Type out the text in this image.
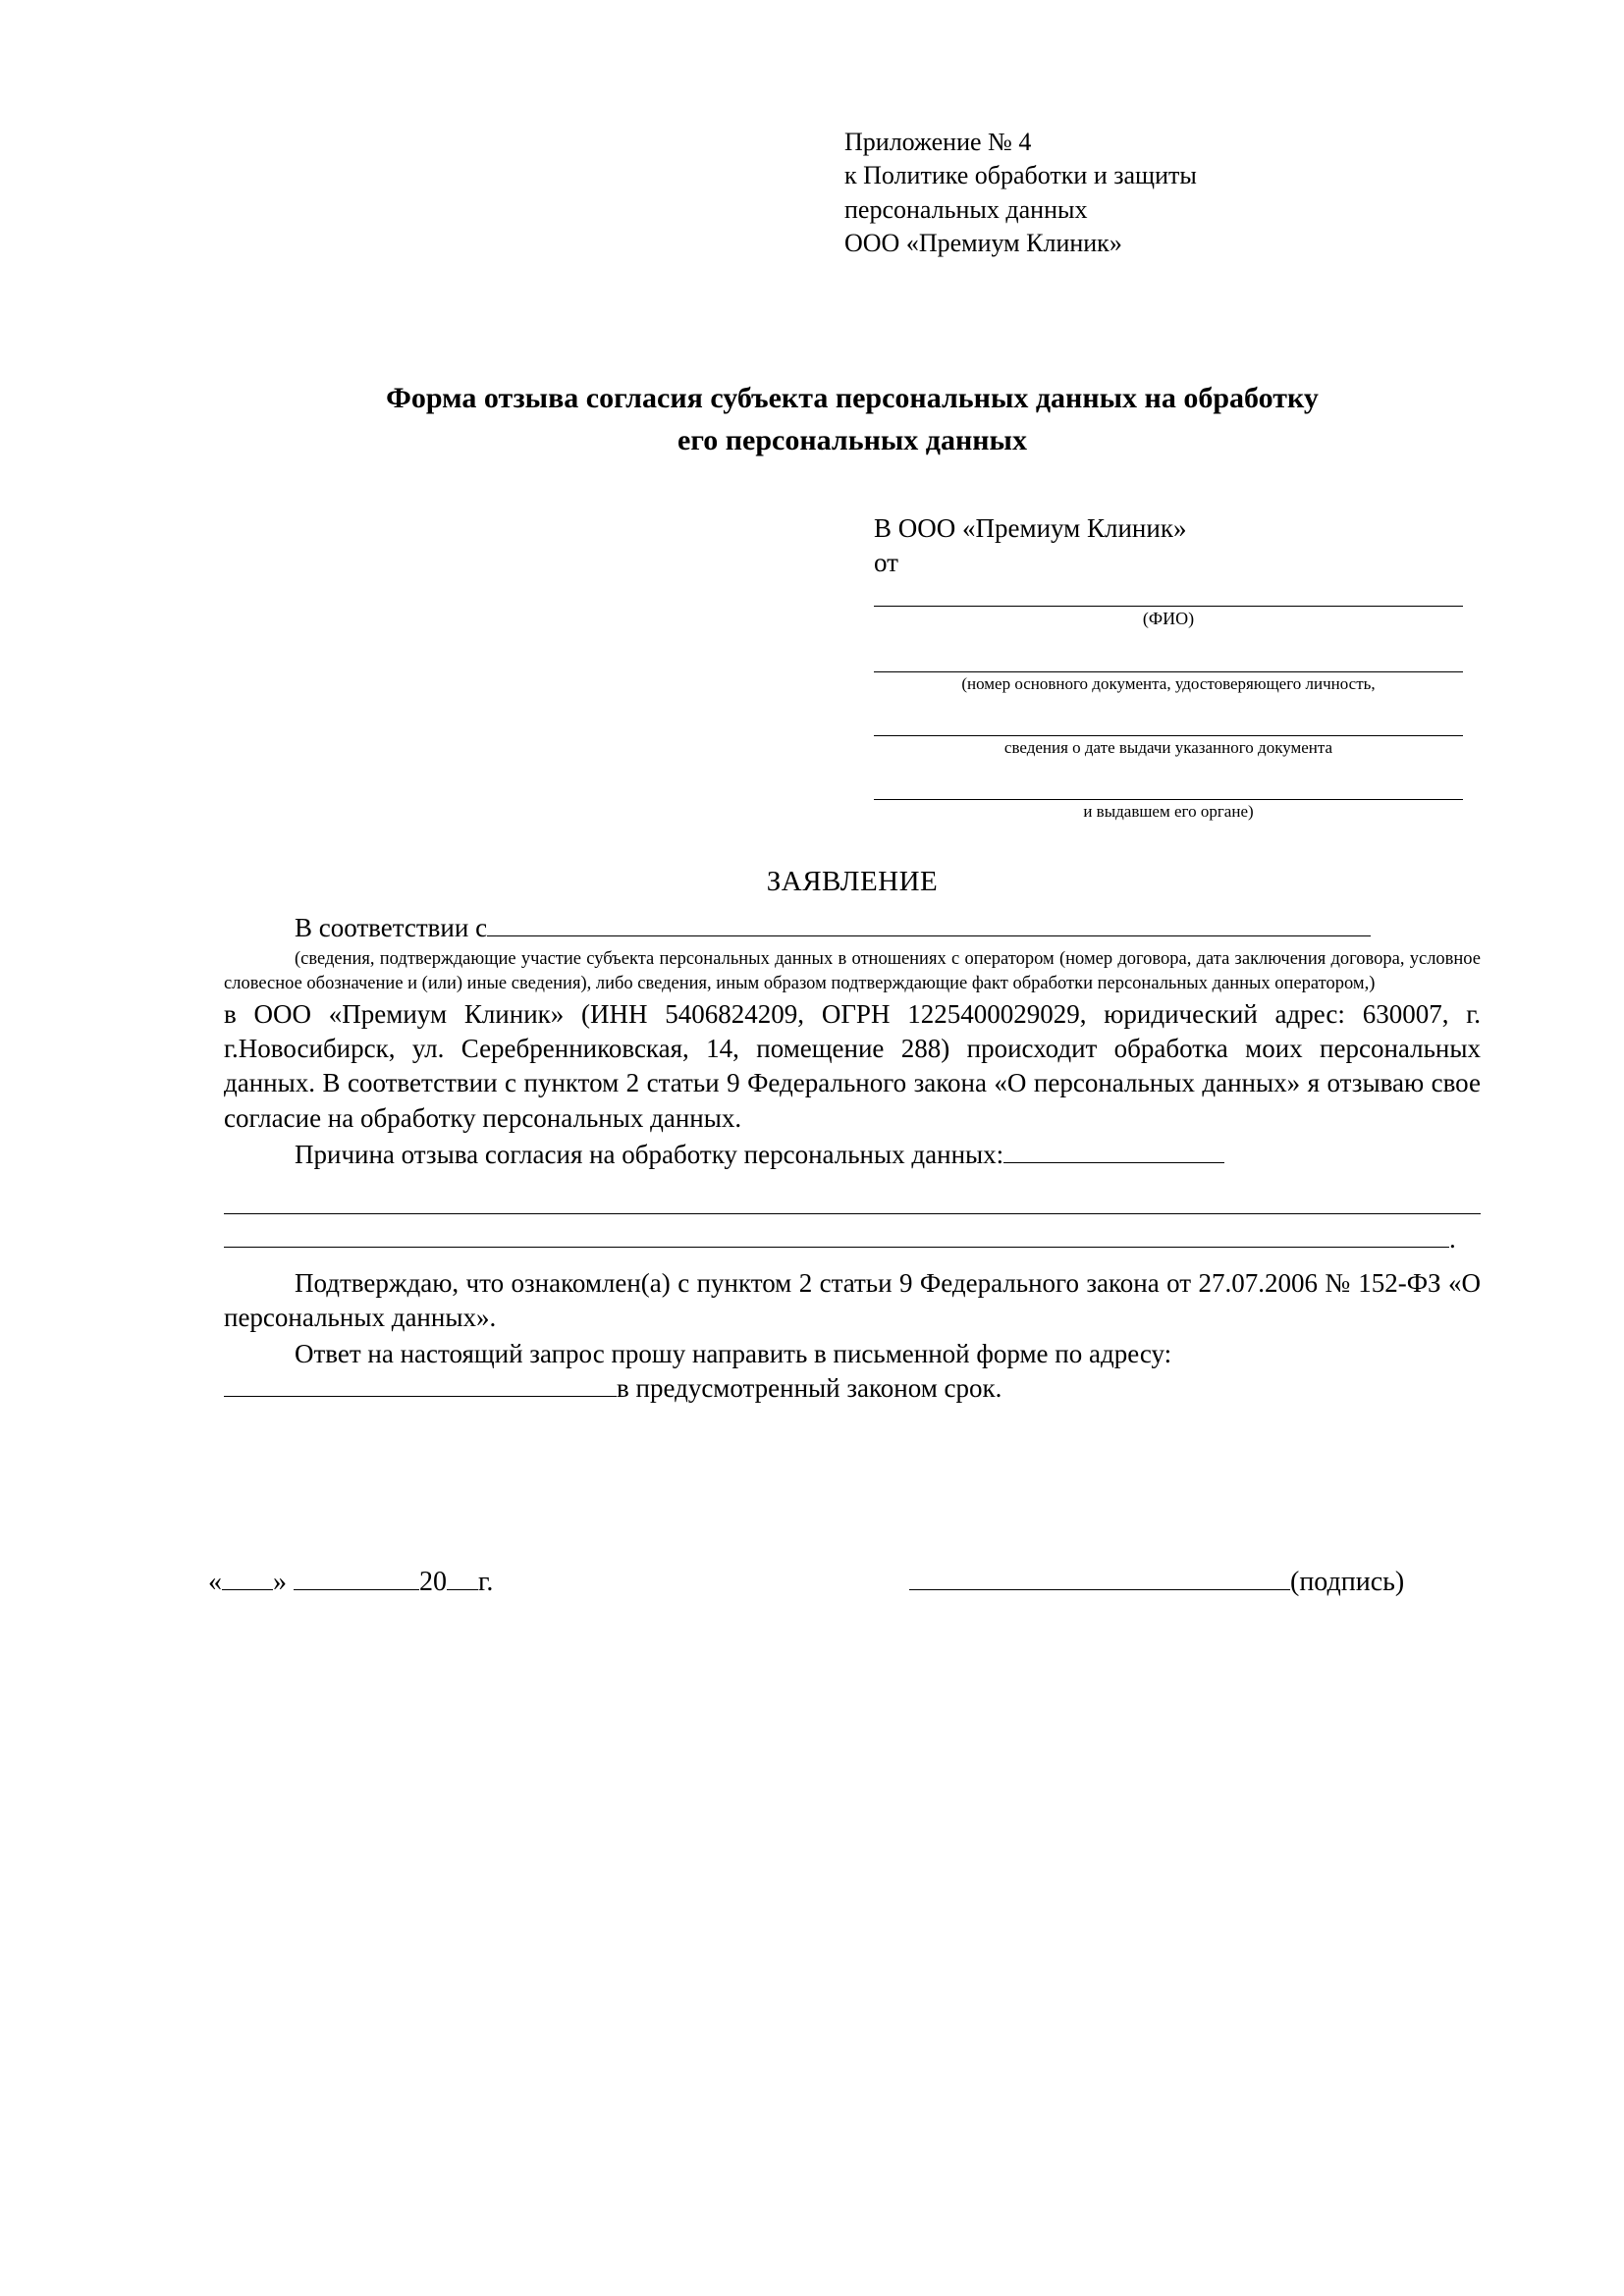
Приложение № 4
к Политике обработки и защиты
персональных данных
ООО «Премиум Клиник»
Форма отзыва согласия субъекта персональных данных на обработку
его персональных данных
В ООО «Премиум Клиник»
от
(ФИО)
(номер основного документа, удостоверяющего личность,
сведения о дате выдачи указанного документа
и выдавшем его органе)
ЗАЯВЛЕНИЕ
В соответствии с
(сведения, подтверждающие участие субъекта персональных данных в отношениях с оператором (номер договора, дата заключения договора, условное словесное обозначение и (или) иные сведения), либо сведения, иным образом подтверждающие факт обработки персональных данных оператором,)
в ООО «Премиум Клиник» (ИНН 5406824209, ОГРН 1225400029029, юридический адрес: 630007, г. г.Новосибирск, ул. Серебренниковская, 14, помещение 288) происходит обработка моих персональных данных. В соответствии с пунктом 2 статьи 9 Федерального закона «О персональных данных» я отзываю свое согласие на обработку персональных данных.
Причина отзыва согласия на обработку персональных данных:
.
Подтверждаю, что ознакомлен(а) с пунктом 2 статьи 9 Федерального закона от 27.07.2006 № 152-ФЗ «О персональных данных».
Ответ на настоящий запрос прошу направить в письменной форме по адресу:
в предусмотренный законом срок.
« »	20 г.	(подпись)
